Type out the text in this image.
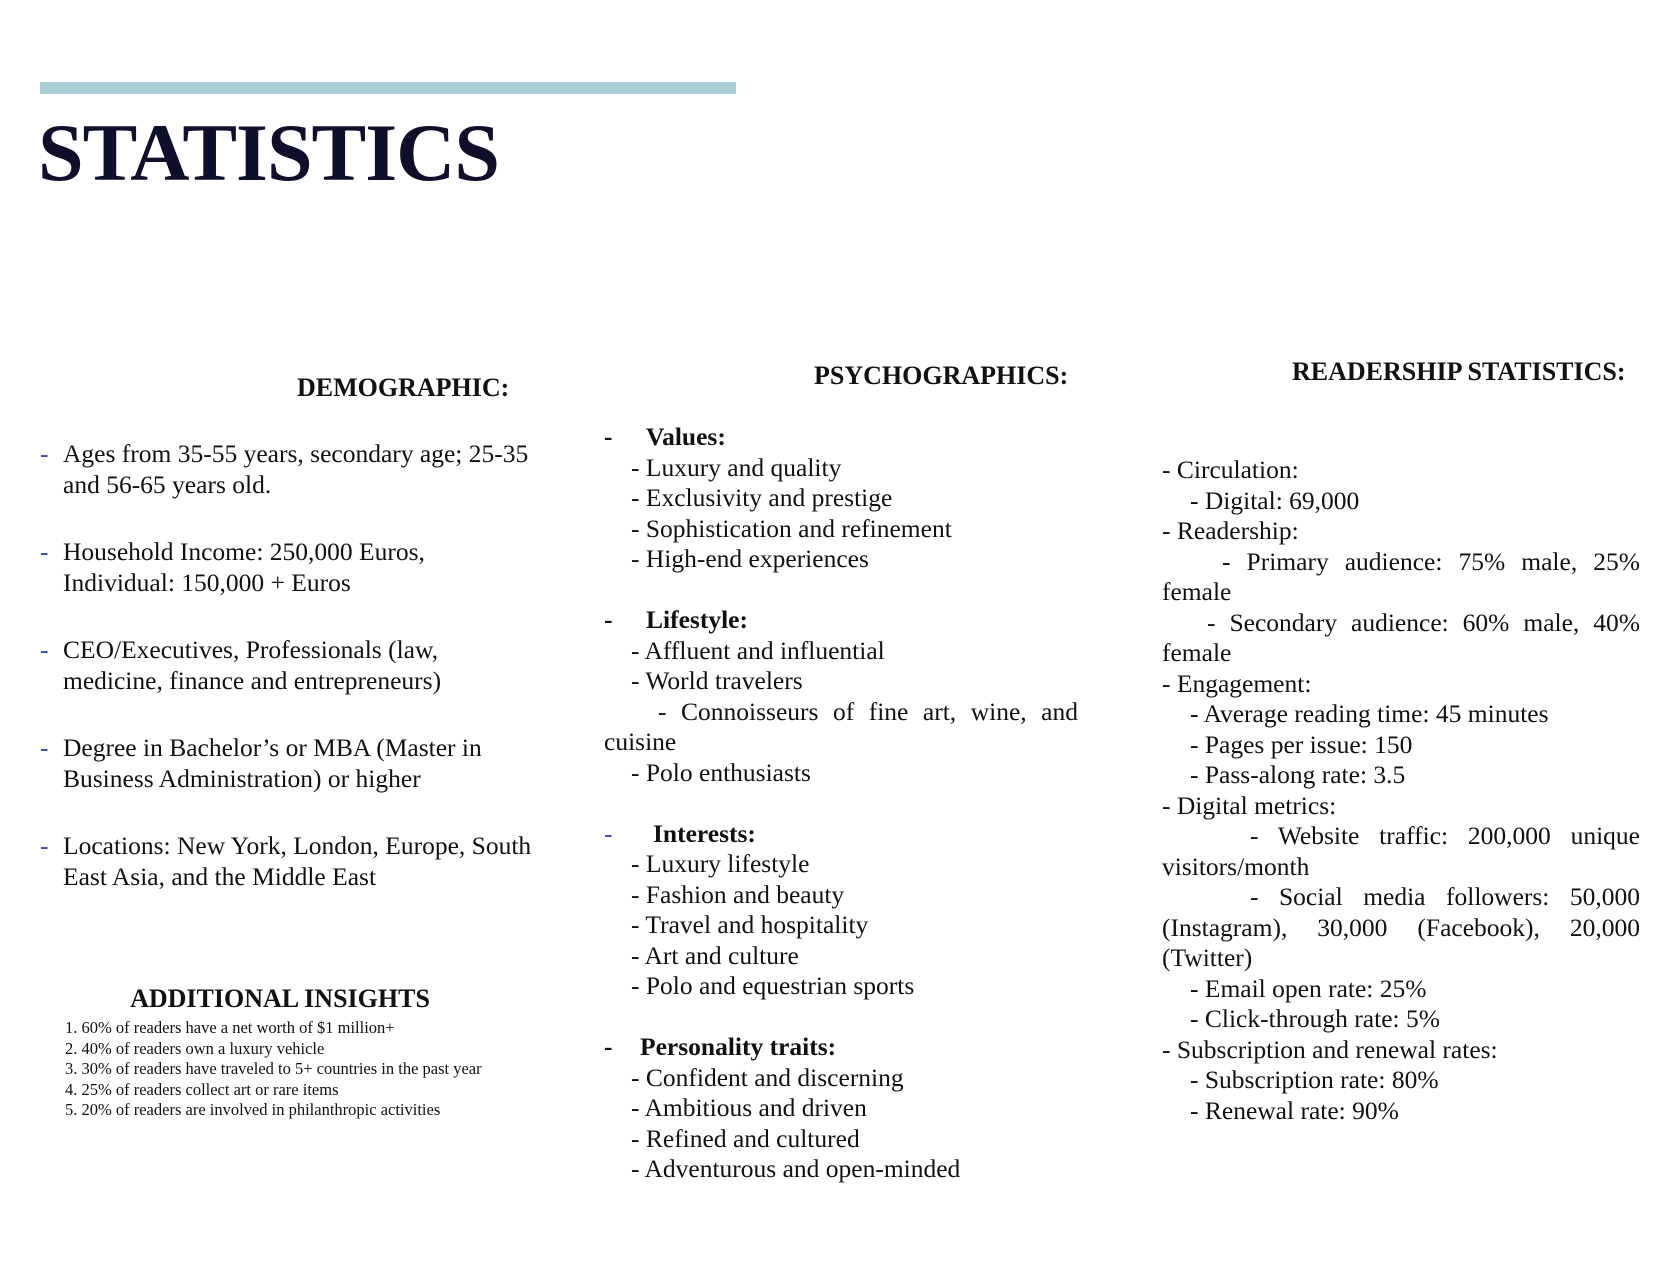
STATISTICS
DEMOGRAPHIC:
- Ages from 35-55 years, secondary age; 25-35 and 56-65 years old.
- Household Income: 250,000 Euros, Individual: 150,000 + Euros
- CEO/Executives, Professionals (law, medicine, finance and entrepreneurs)
- Degree in Bachelor’s or MBA (Master in Business Administration) or higher
- Locations: New York, London, Europe, South East Asia, and the Middle East
ADDITIONAL INSIGHTS
1. 60% of readers have a net worth of $1 million+
2. 40% of readers own a luxury vehicle
3. 30% of readers have traveled to 5+ countries in the past year
4. 25% of readers collect art or rare items
5. 20% of readers are involved in philanthropic activities
PSYCHOGRAPHICS:
- Values:
- Luxury and quality
- Exclusivity and prestige
- Sophistication and refinement
- High-end experiences
- Lifestyle:
- Affluent and influential
- World travelers
- Connoisseurs of fine art, wine, and cuisine
- Polo enthusiasts
- Interests:
- Luxury lifestyle
- Fashion and beauty
- Travel and hospitality
- Art and culture
- Polo and equestrian sports
- Personality traits:
- Confident and discerning
- Ambitious and driven
- Refined and cultured
- Adventurous and open-minded
READERSHIP STATISTICS:
- Circulation:
- Digital: 69,000
- Readership:
- Primary audience: 75% male, 25% female
- Secondary audience: 60% male, 40% female
- Engagement:
- Average reading time: 45 minutes
- Pages per issue: 150
- Pass-along rate: 3.5
- Digital metrics:
- Website traffic: 200,000 unique visitors/month
- Social media followers: 50,000 (Instagram), 30,000 (Facebook), 20,000 (Twitter)
- Email open rate: 25%
- Click-through rate: 5%
- Subscription and renewal rates:
- Subscription rate: 80%
- Renewal rate: 90%
